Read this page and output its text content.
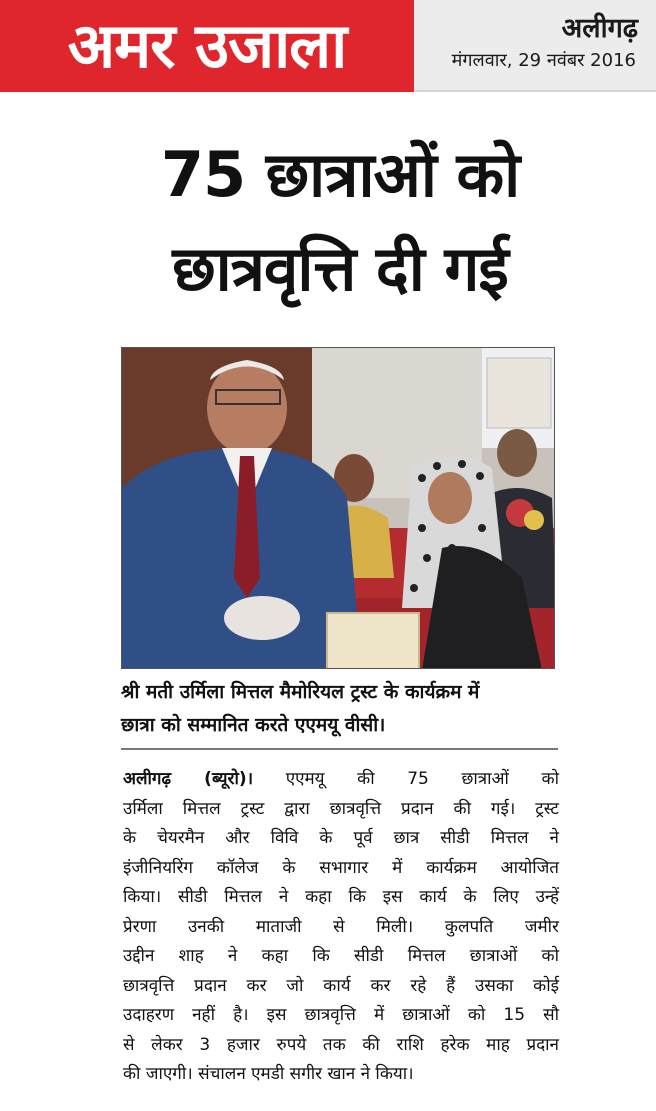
अमर उजाला	अलीगढ़
मंगलवार, 29 नवंबर 2016
75 छात्राओं को
छात्रवृत्ति दी गई
श्री मती उर्मिला मित्तल मैमोरियल ट्रस्ट के कार्यक्रम में
छात्रा को सम्मानित करते एएमयू वीसी।
अलीगढ़ (ब्यूरो)। एएमयू की 75 छात्राओं को
उर्मिला मित्तल ट्रस्ट द्वारा छात्रवृत्ति प्रदान की गई। ट्रस्ट
के चेयरमैन और विवि के पूर्व छात्र सीडी मित्तल ने
इंजीनियरिंग कॉलेज के सभागार में कार्यक्रम आयोजित
किया। सीडी मित्तल ने कहा कि इस कार्य के लिए उन्हें
प्रेरणा उनकी माताजी से मिली। कुलपति जमीर
उद्दीन शाह ने कहा कि सीडी मित्तल छात्राओं को
छात्रवृत्ति प्रदान कर जो कार्य कर रहे हैं उसका कोई
उदाहरण नहीं है। इस छात्रवृत्ति में छात्राओं को 15 सौ
से लेकर 3 हजार रुपये तक की राशि हरेक माह प्रदान
की जाएगी। संचालन एमडी सगीर खान ने किया।
